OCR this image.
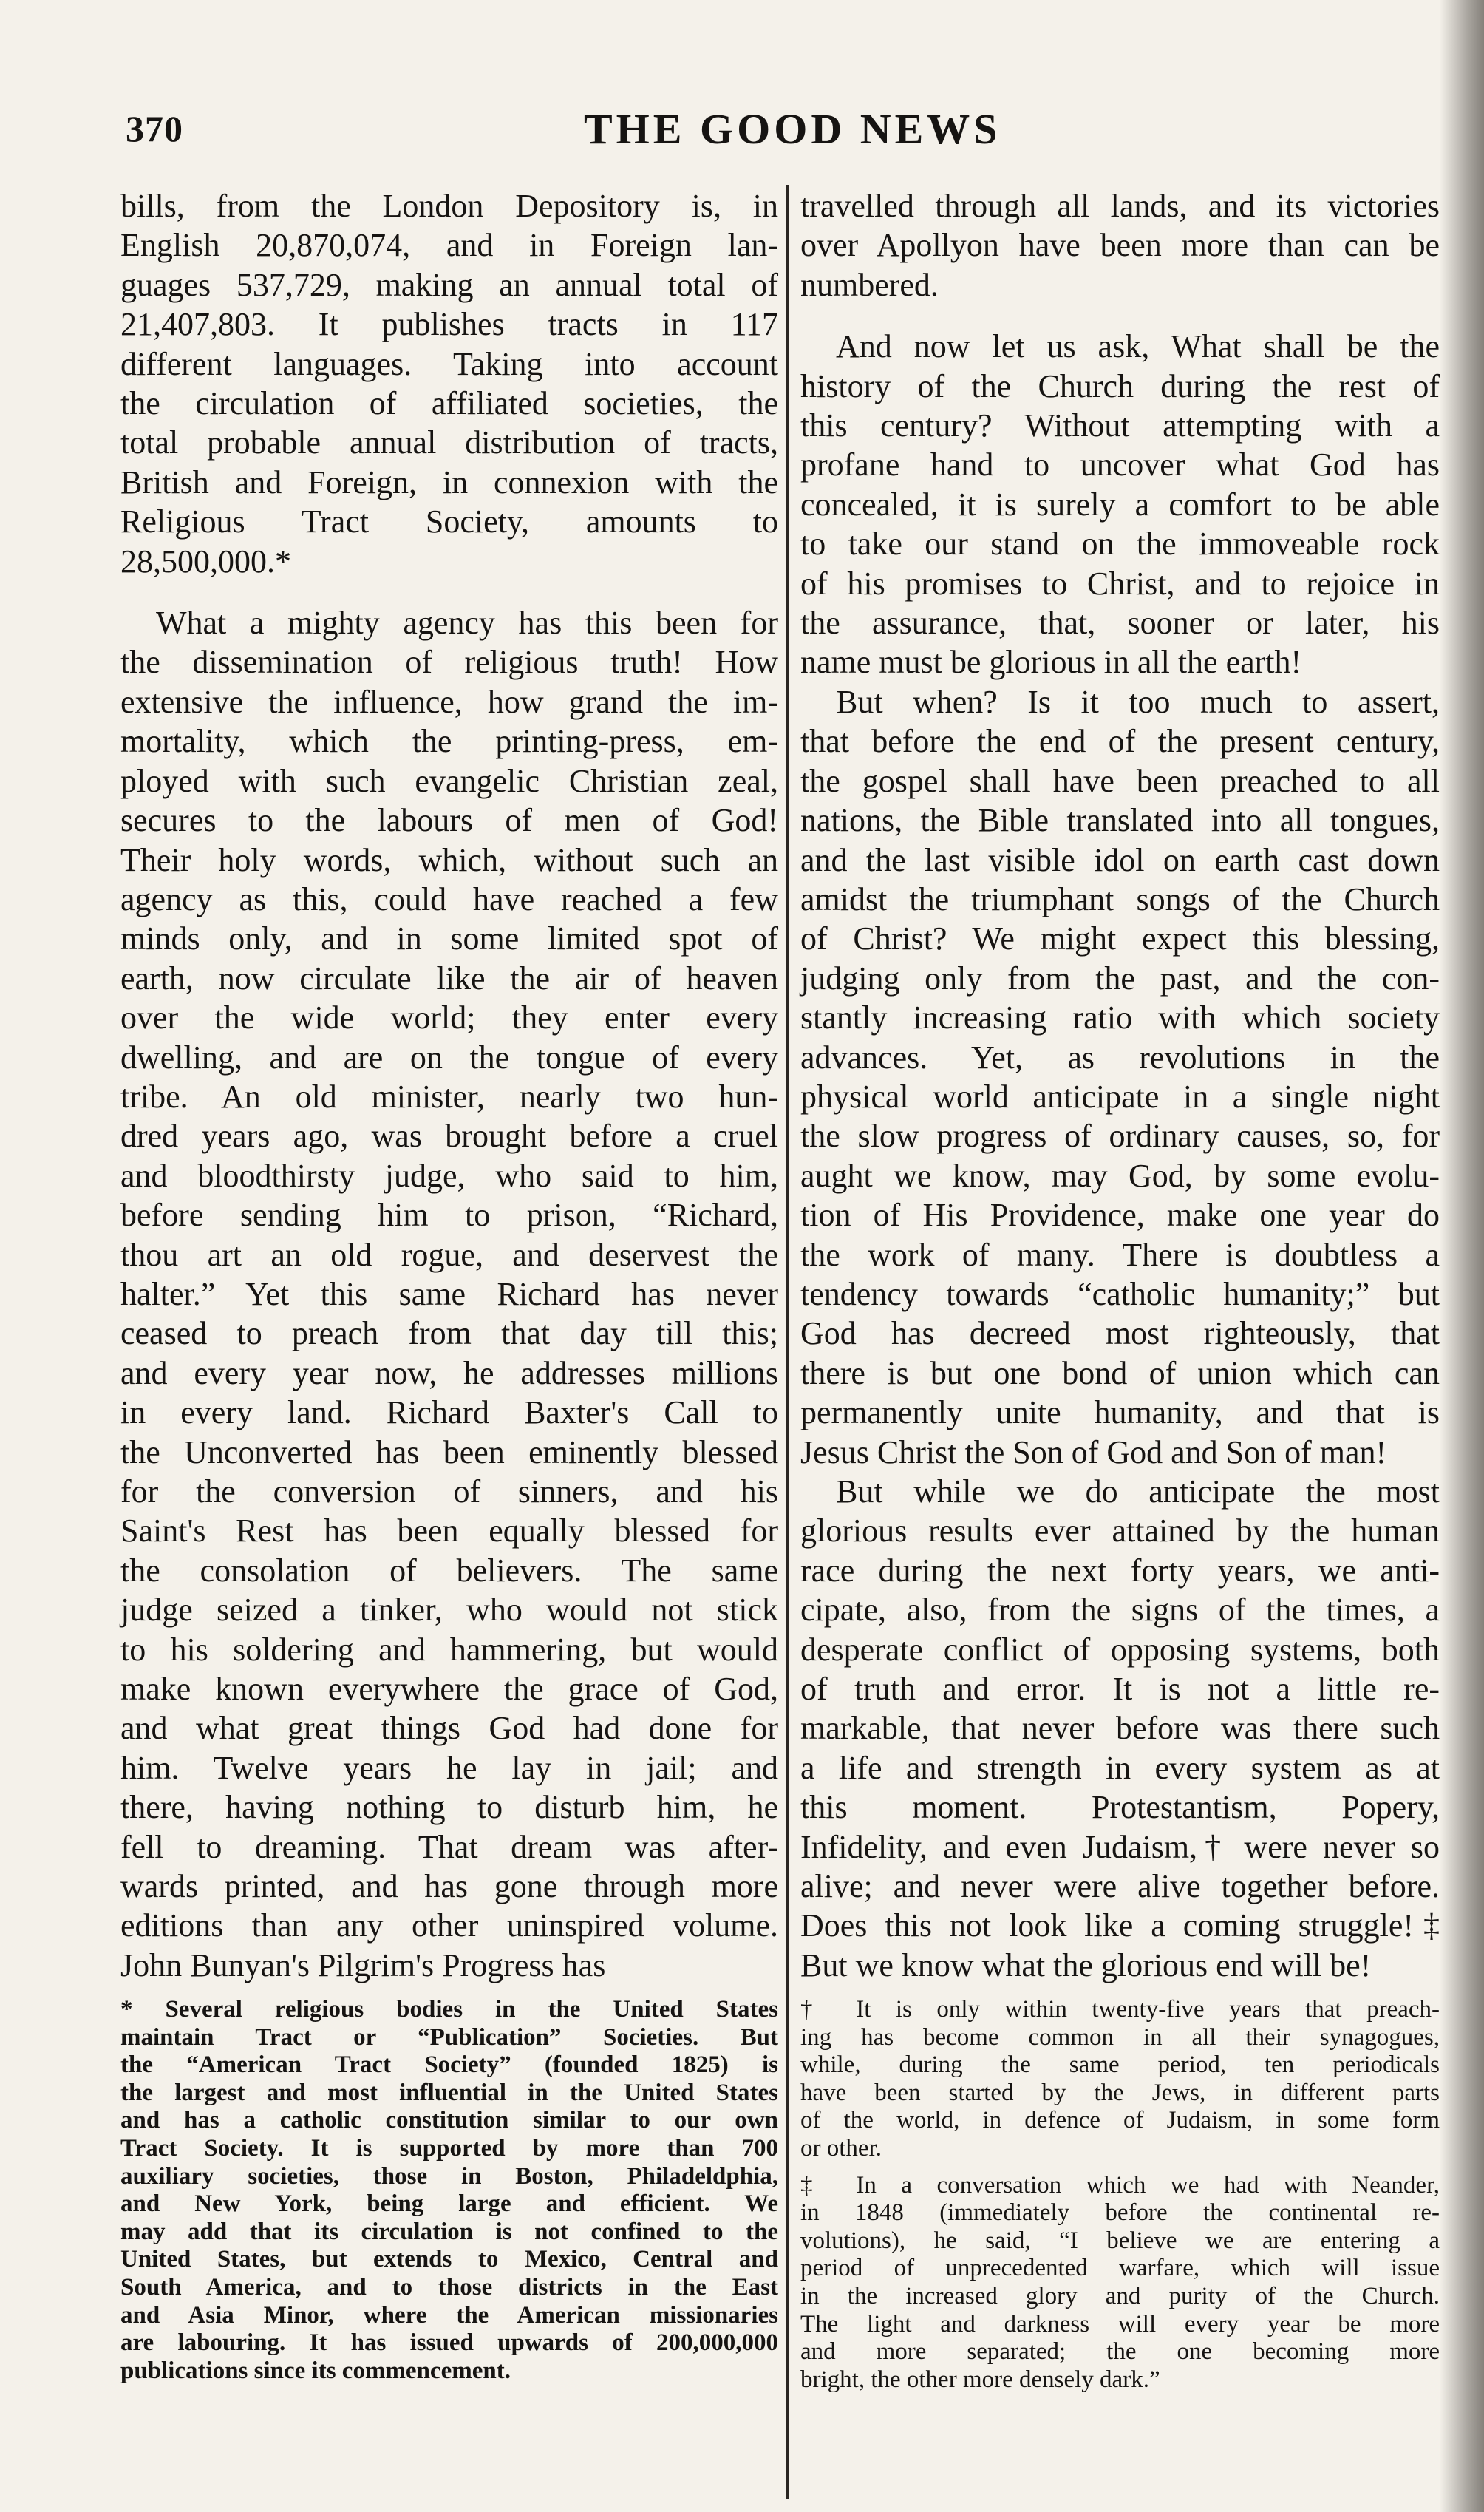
370	THE GOOD NEWS
bills, from the London Depository is, in
English 20,870,074, and in Foreign lan-
guages 537,729, making an annual total of
21,407,803. It publishes tracts in 117
different languages. Taking into account
the circulation of affiliated societies, the
total probable annual distribution of tracts,
British and Foreign, in connexion with the
Religious Tract Society, amounts to
28,500,000.*
What a mighty agency has this been for
the dissemination of religious truth! How
extensive the influence, how grand the im-
mortality, which the printing-press, em-
ployed with such evangelic Christian zeal,
secures to the labours of men of God!
Their holy words, which, without such an
agency as this, could have reached a few
minds only, and in some limited spot of
earth, now circulate like the air of heaven
over the wide world; they enter every
dwelling, and are on the tongue of every
tribe. An old minister, nearly two hun-
dred years ago, was brought before a cruel
and bloodthirsty judge, who said to him,
before sending him to prison, “Richard,
thou art an old rogue, and deservest the
halter.” Yet this same Richard has never
ceased to preach from that day till this;
and every year now, he addresses millions
in every land. Richard Baxter's Call to
the Unconverted has been eminently blessed
for the conversion of sinners, and his
Saint's Rest has been equally blessed for
the consolation of believers. The same
judge seized a tinker, who would not stick
to his soldering and hammering, but would
make known everywhere the grace of God,
and what great things God had done for
him. Twelve years he lay in jail; and
there, having nothing to disturb him, he
fell to dreaming. That dream was after-
wards printed, and has gone through more
editions than any other uninspired volume.
John Bunyan's Pilgrim's Progress has
travelled through all lands, and its victories
over Apollyon have been more than can be
numbered.
And now let us ask, What shall be the
history of the Church during the rest of
this century? Without attempting with a
profane hand to uncover what God has
concealed, it is surely a comfort to be able
to take our stand on the immoveable rock
of his promises to Christ, and to rejoice in
the assurance, that, sooner or later, his
name must be glorious in all the earth!
But when? Is it too much to assert,
that before the end of the present century,
the gospel shall have been preached to all
nations, the Bible translated into all tongues,
and the last visible idol on earth cast down
amidst the triumphant songs of the Church
of Christ? We might expect this blessing,
judging only from the past, and the con-
stantly increasing ratio with which society
advances. Yet, as revolutions in the
physical world anticipate in a single night
the slow progress of ordinary causes, so, for
aught we know, may God, by some evolu-
tion of His Providence, make one year do
the work of many. There is doubtless a
tendency towards “catholic humanity;” but
God has decreed most righteously, that
there is but one bond of union which can
permanently unite humanity, and that is
Jesus Christ the Son of God and Son of man!
But while we do anticipate the most
glorious results ever attained by the human
race during the next forty years, we anti-
cipate, also, from the signs of the times, a
desperate conflict of opposing systems, both
of truth and error. It is not a little re-
markable, that never before was there such
a life and strength in every system as at
this moment. Protestantism, Popery,
Infidelity, and even Judaism,† were never so
alive; and never were alive together before.
Does this not look like a coming struggle!‡
But we know what the glorious end will be!
* Several religious bodies in the United States
maintain Tract or “Publication” Societies. But
the “American Tract Society” (founded 1825) is
the largest and most influential in the United States
and has a catholic constitution similar to our own
Tract Society. It is supported by more than 700
auxiliary societies, those in Boston, Philadeldphia,
and New York, being large and efficient. We
may add that its circulation is not confined to the
United States, but extends to Mexico, Central and
South America, and to those districts in the East
and Asia Minor, where the American missionaries
are labouring. It has issued upwards of 200,000,000
publications since its commencement.
† It is only within twenty-five years that preach-
ing has become common in all their synagogues,
while, during the same period, ten periodicals
have been started by the Jews, in different parts
of the world, in defence of Judaism, in some form
or other.
‡ In a conversation which we had with Neander,
in 1848 (immediately before the continental re-
volutions), he said, “I believe we are entering a
period of unprecedented warfare, which will issue
in the increased glory and purity of the Church.
The light and darkness will every year be more
and more separated; the one becoming more
bright, the other more densely dark.”
